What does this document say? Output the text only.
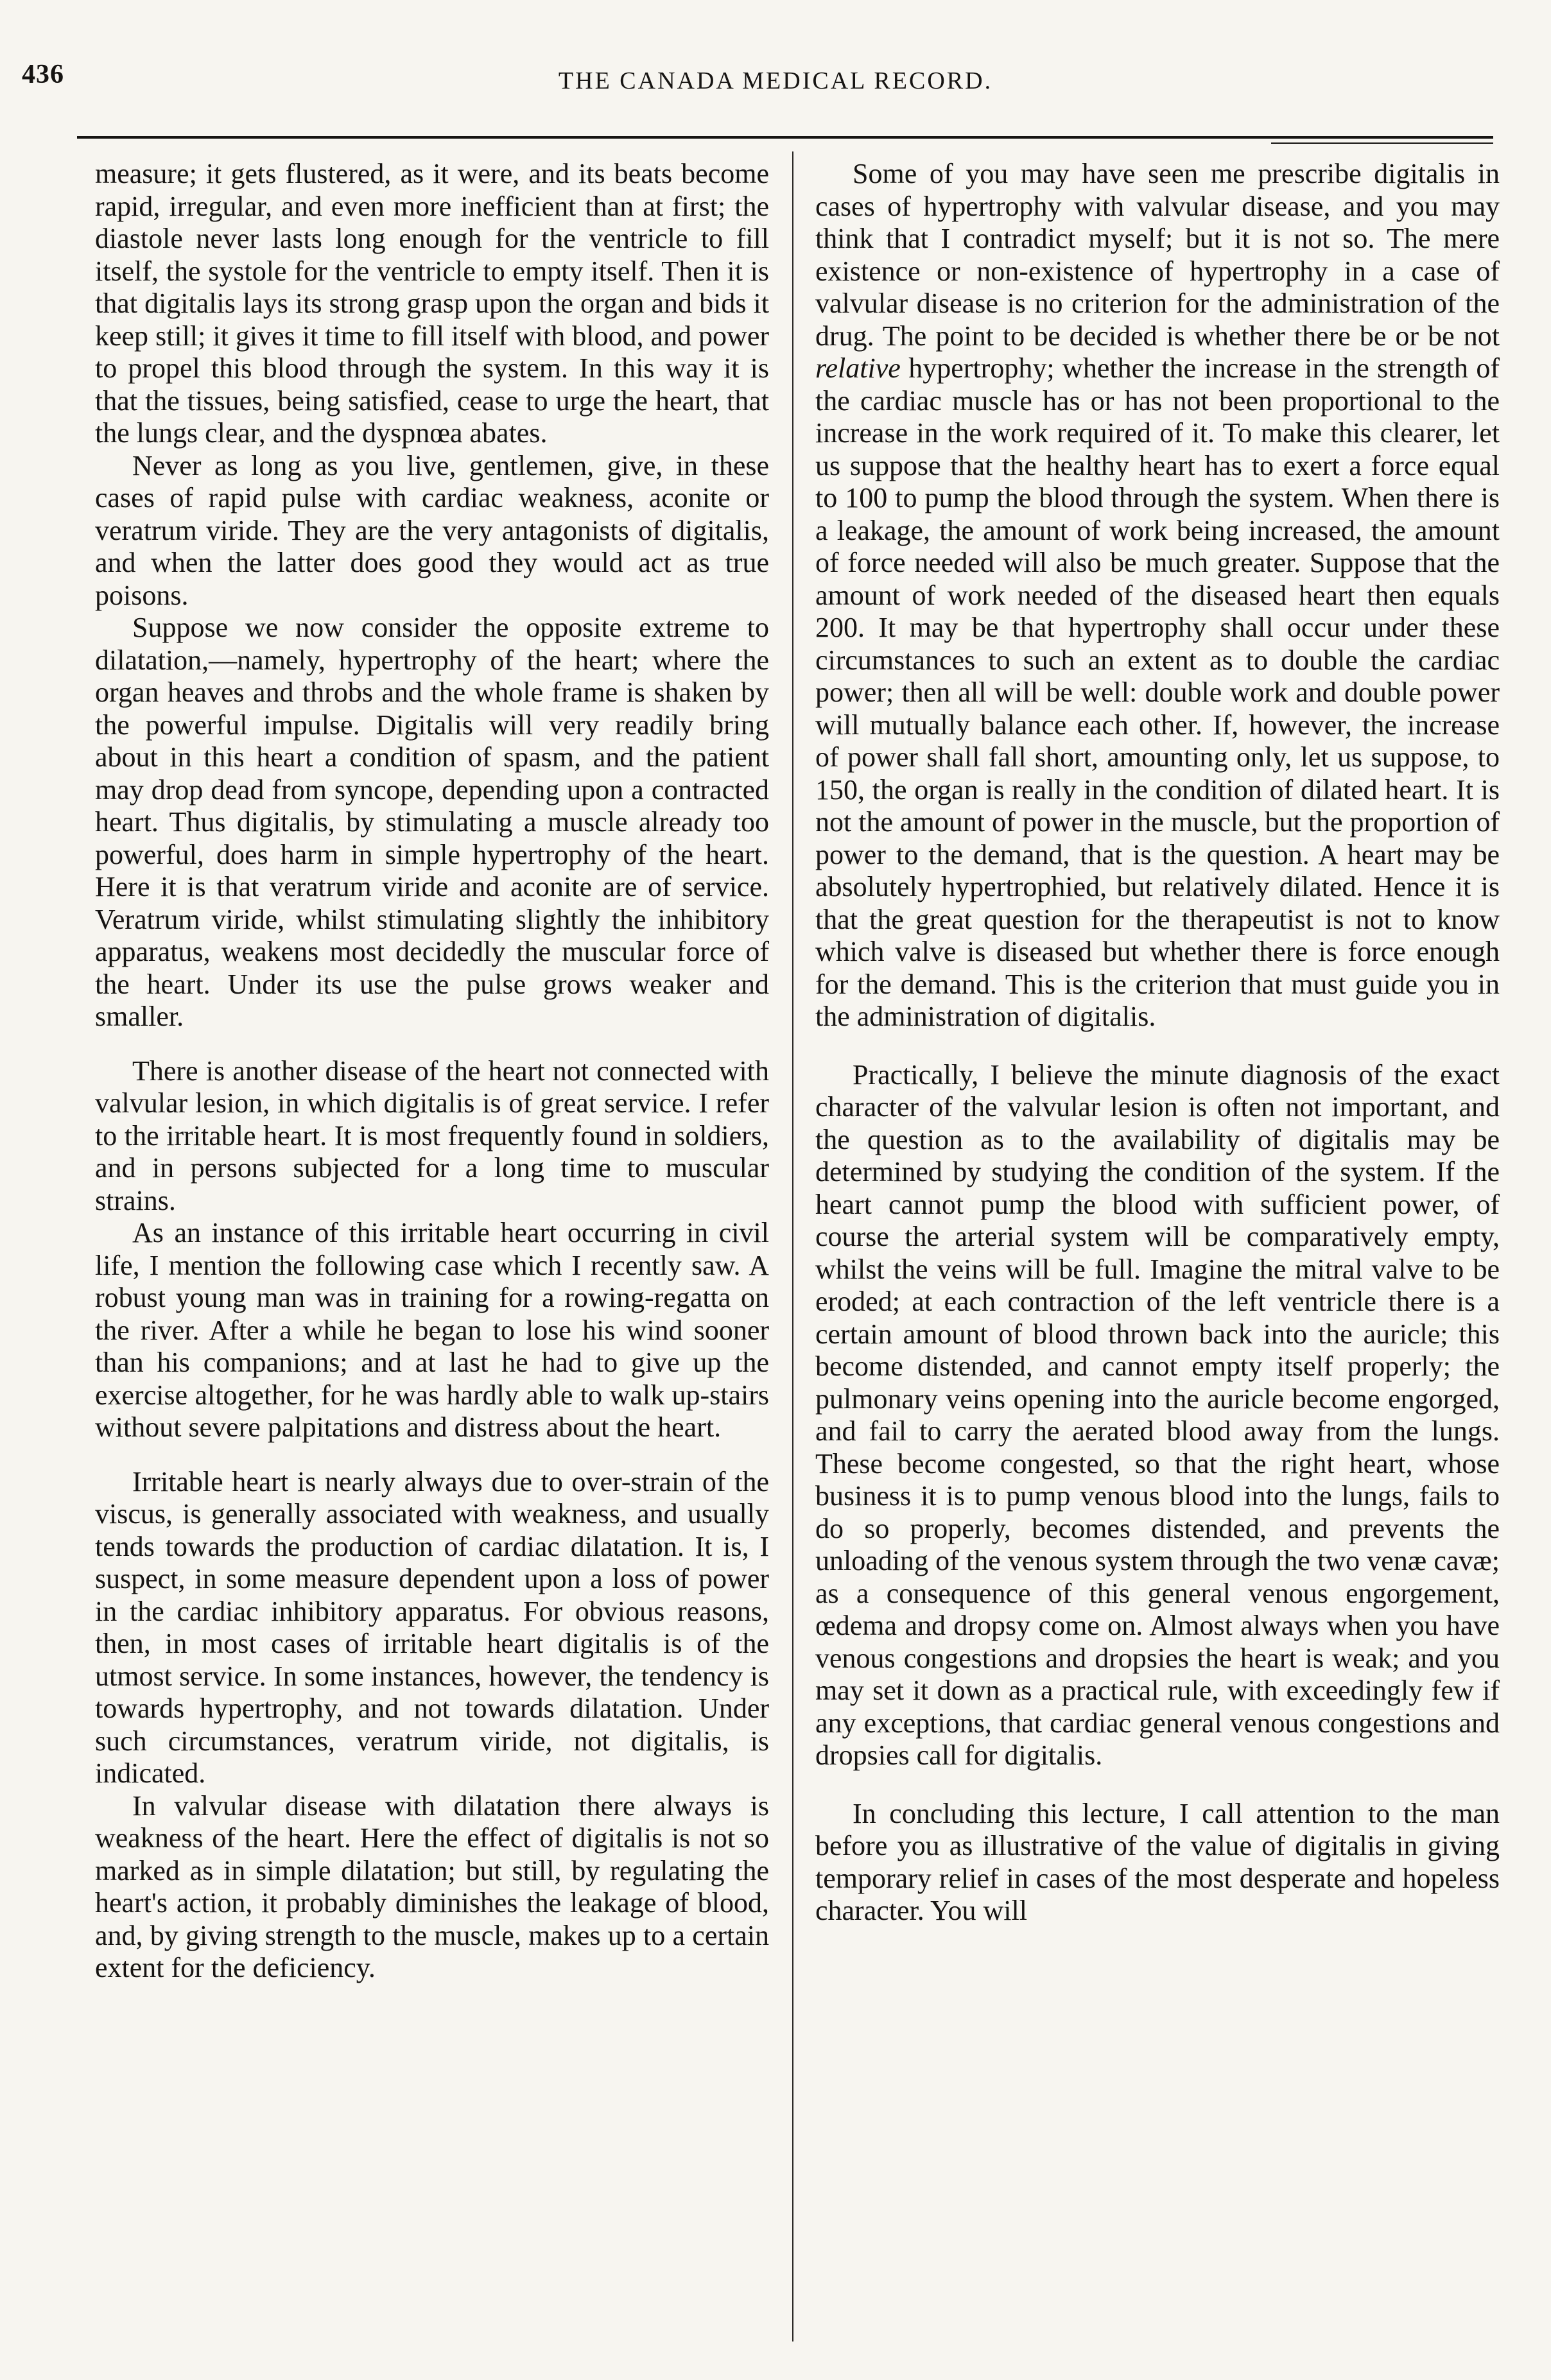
436	THE CANADA MEDICAL RECORD.

measure; it gets flustered, as it were, and its beats become rapid, irregular, and even more inefficient than at first; the diastole never lasts long enough for the ventricle to fill itself, the systole for the ventricle to empty itself. Then it is that digitalis lays its strong grasp upon the organ and bids it keep still; it gives it time to fill itself with blood, and power to propel this blood through the system. In this way it is that the tissues, being satisfied, cease to urge the heart, that the lungs clear, and the dyspnœa abates.

Never as long as you live, gentlemen, give, in these cases of rapid pulse with cardiac weakness, aconite or veratrum viride. They are the very antagonists of digitalis, and when the latter does good they would act as true poisons.

Suppose we now consider the opposite extreme to dilatation,—namely, hypertrophy of the heart; where the organ heaves and throbs and the whole frame is shaken by the powerful impulse. Digitalis will very readily bring about in this heart a condition of spasm, and the patient may drop dead from syncope, depending upon a contracted heart. Thus digitalis, by stimulating a muscle already too powerful, does harm in simple hypertrophy of the heart. Here it is that veratrum viride and aconite are of service. Veratrum viride, whilst stimulating slightly the inhibitory apparatus, weakens most decidedly the muscular force of the heart. Under its use the pulse grows weaker and smaller.

There is another disease of the heart not connected with valvular lesion, in which digitalis is of great service. I refer to the irritable heart. It is most frequently found in soldiers, and in persons subjected for a long time to muscular strains.

As an instance of this irritable heart occurring in civil life, I mention the following case which I recently saw. A robust young man was in training for a rowing-regatta on the river. After a while he began to lose his wind sooner than his companions; and at last he had to give up the exercise altogether, for he was hardly able to walk up-stairs without severe palpitations and distress about the heart.

Irritable heart is nearly always due to over-strain of the viscus, is generally associated with weakness, and usually tends towards the production of cardiac dilatation. It is, I suspect, in some measure dependent upon a loss of power in the cardiac inhibitory apparatus. For obvious reasons, then, in most cases of irritable heart digitalis is of the utmost service. In some instances, however, the tendency is towards hypertrophy, and not towards dilatation. Under such circumstances, veratrum viride, not digitalis, is indicated.

In valvular disease with dilatation there always is weakness of the heart. Here the effect of digitalis is not so marked as in simple dilatation; but still, by regulating the heart's action, it probably diminishes the leakage of blood, and, by giving strength to the muscle, makes up to a certain extent for the deficiency.

Some of you may have seen me prescribe digitalis in cases of hypertrophy with valvular disease, and you may think that I contradict myself; but it is not so. The mere existence or non-existence of hypertrophy in a case of valvular disease is no criterion for the administration of the drug. The point to be decided is whether there be or be not relative hypertrophy; whether the increase in the strength of the cardiac muscle has or has not been proportional to the increase in the work required of it. To make this clearer, let us suppose that the healthy heart has to exert a force equal to 100 to pump the blood through the system. When there is a leakage, the amount of work being increased, the amount of force needed will also be much greater. Suppose that the amount of work needed of the diseased heart then equals 200. It may be that hypertrophy shall occur under these circumstances to such an extent as to double the cardiac power; then all will be well: double work and double power will mutually balance each other. If, however, the increase of power shall fall short, amounting only, let us suppose, to 150, the organ is really in the condition of dilated heart. It is not the amount of power in the muscle, but the proportion of power to the demand, that is the question. A heart may be absolutely hypertrophied, but relatively dilated. Hence it is that the great question for the therapeutist is not to know which valve is diseased but whether there is force enough for the demand. This is the criterion that must guide you in the administration of digitalis.

Practically, I believe the minute diagnosis of the exact character of the valvular lesion is often not important, and the question as to the availability of digitalis may be determined by studying the condition of the system. If the heart cannot pump the blood with sufficient power, of course the arterial system will be comparatively empty, whilst the veins will be full. Imagine the mitral valve to be eroded; at each contraction of the left ventricle there is a certain amount of blood thrown back into the auricle; this become distended, and cannot empty itself properly; the pulmonary veins opening into the auricle become engorged, and fail to carry the aerated blood away from the lungs. These become congested, so that the right heart, whose business it is to pump venous blood into the lungs, fails to do so properly, becomes distended, and prevents the unloading of the venous system through the two venæ cavæ; as a consequence of this general venous engorgement, œdema and dropsy come on. Almost always when you have venous congestions and dropsies the heart is weak; and you may set it down as a practical rule, with exceedingly few if any exceptions, that cardiac general venous congestions and dropsies call for digitalis.

In concluding this lecture, I call attention to the man before you as illustrative of the value of digitalis in giving temporary relief in cases of the most desperate and hopeless character. You will
